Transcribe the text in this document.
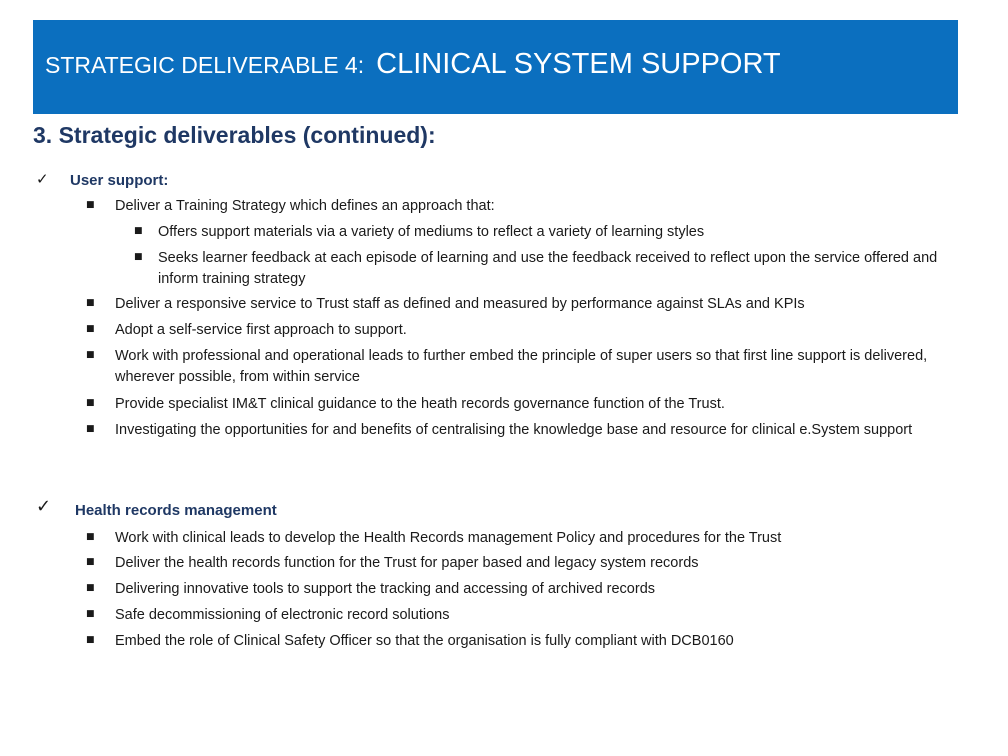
STRATEGIC DELIVERABLE 4: CLINICAL SYSTEM SUPPORT
3. Strategic deliverables (continued):
✓ User support:
■ Deliver a Training Strategy which defines an approach that:
■ Offers support materials via a variety of mediums to reflect a variety of learning styles
■ Seeks learner feedback at each episode of learning and use the feedback received to reflect upon the service offered and inform training strategy
■ Deliver a responsive service to Trust staff as defined and measured by performance against SLAs and KPIs
■ Adopt a self-service first approach to support.
■ Work with professional and operational leads to further embed the principle of super users so that first line support is delivered, wherever possible, from within service
■ Provide specialist IM&T clinical guidance to the heath records governance function of the Trust.
■ Investigating the opportunities for and benefits of centralising the knowledge base and resource for clinical e.System support
✓ Health records management
■ Work with clinical leads to develop the Health Records management Policy and procedures for the Trust
■ Deliver the health records function for the Trust for paper based and legacy system records
■ Delivering innovative tools to support the tracking and accessing of archived records
■ Safe decommissioning of electronic record solutions
■ Embed the role of Clinical Safety Officer so that the organisation is fully compliant with DCB0160
